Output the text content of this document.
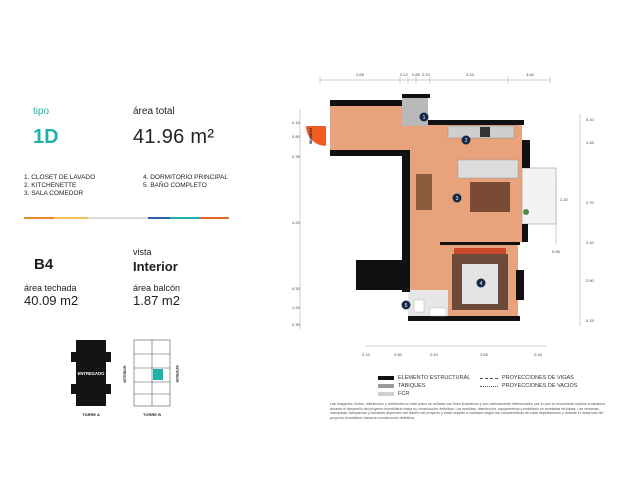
tipo
1D
área total
41.96 m²
1. CLOSET DE LAVADO
2. KITCHENETTE
3. SALA COMEDOR
4. DORMITORIO PRINCIPAL
5. BAÑO COMPLETO
B4
vista
Interior
área techada
40.09 m2
área balcón
1.87 m2
ENTREGADO	INTERIOR	INTERIOR
TORRE A	TORRE B
2.65	0.12 0.80 0.10	3.10	3.60
0.15
0.80
0.35
4.20
0.30
1.20
0.30
0.10
1.45
2.70
2.20
0.10
0.95
2.90
0.15
INGRESO
1
2
3
4
5
2.10	2.50	0.10	3.55	0.15
ELEMENTO ESTRUCTURAL
TABIQUES
FCR
PROYECCIONES DE VIGAS
PROYECCIONES DE VACIOS
Las imágenes, textos, distribución y ambientes en este plano se señalan con fines ilustrativos y son estrictamente referenciales, por lo que se encuentran sujetos a variación durante el desarrollo del proyecto inmobiliario hasta su construcción definitiva. Las medidas, distribución, equipamiento y mobiliario no reveladas incluidas. Las ventanas, mamparas, tabiquerías y fachadas dependen del diseño del proyecto y están sujetas a variación según las características de cada departamento y durante el desarrollo del proyecto inmobiliario hasta su construcción definitiva.
